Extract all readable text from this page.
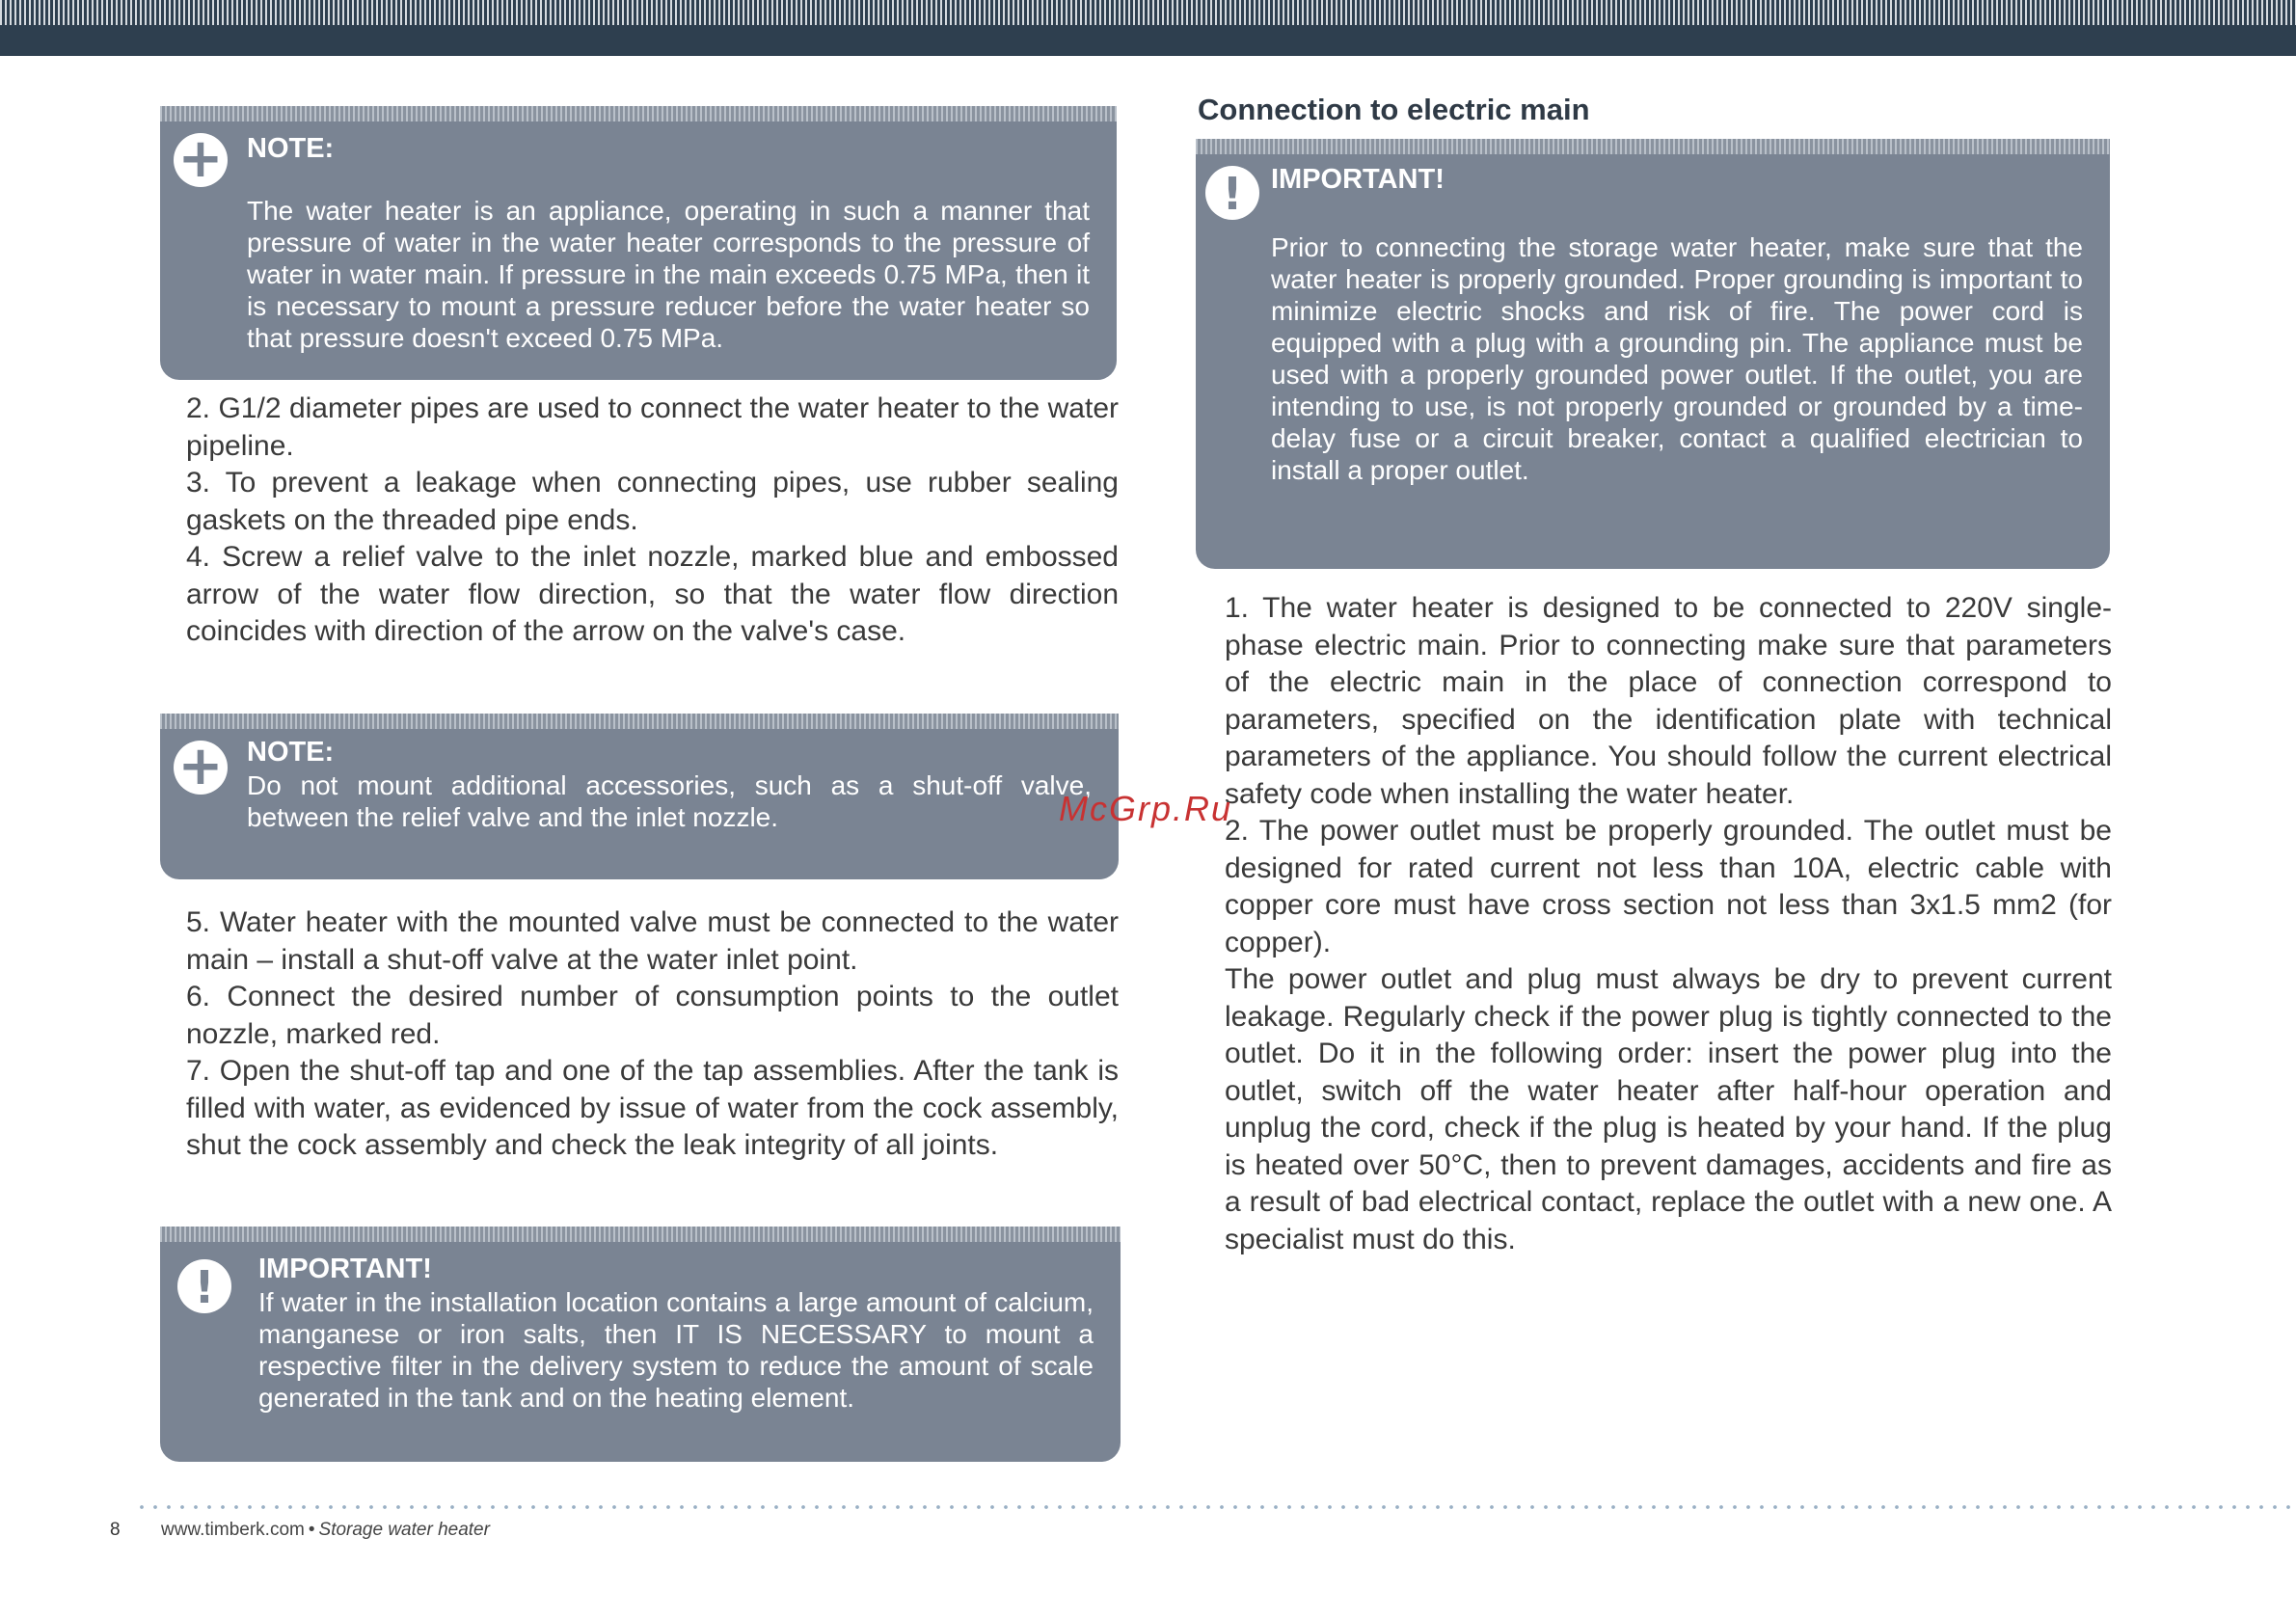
+ NOTE:

The water heater is an appliance, operating in such a manner that pressure of water in the water heater corresponds to the pressure of water in water main. If pressure in the main exceeds 0.75 MPa, then it is necessary to mount a pressure reducer before the water heater so that pressure doesn't exceed 0.75 MPa.

2. G1/2 diameter pipes are used to connect the water heater to the water pipeline.

3. To prevent a leakage when connecting pipes, use rubber sealing gaskets on the threaded pipe ends.

4. Screw a relief valve to the inlet nozzle, marked blue and embossed arrow of the water flow direction, so that the water flow direction coincides with direction of the arrow on the valve's case.

+ NOTE:

Do not mount additional accessories, such as a shut-off valve, between the relief valve and the inlet nozzle.

5. Water heater with the mounted valve must be connected to the water main – install a shut-off valve at the water inlet point.

6. Connect the desired number of consumption points to the outlet nozzle, marked red.

7. Open the shut-off tap and one of the tap assemblies. After the tank is filled with water, as evidenced by issue of water from the cock assembly, shut the cock assembly and check the leak integrity of all joints.

!	IMPORTANT!

If water in the installation location contains a large amount of calcium, manganese or iron salts, then IT IS NECESSARY to mount a respective filter in the delivery system to reduce the amount of scale generated in the tank and on the heating element.

Connection to electric main
!	IMPORTANT!

Prior to connecting the storage water heater, make sure that the water heater is properly grounded. Proper grounding is important to minimize electric shocks and risk of fire. The power cord is equipped with a plug with a grounding pin. The appliance must be used with a properly grounded power outlet. If the outlet, you are intending to use, is not properly grounded or grounded by a time-delay fuse or a circuit breaker, contact a qualified electrician to install a proper outlet.

1. The water heater is designed to be connected to 220V single-phase electric main. Prior to connecting make sure that parameters of the electric main in the place of connection correspond to parameters, specified on the identification plate with technical parameters of the appliance. You should follow the current electrical safety code when installing the water heater.

2. The power outlet must be properly grounded. The outlet must be designed for rated current not less than 10A, electric cable with copper core must have cross section not less than 3x1.5 mm2 (for copper).

The power outlet and plug must always be dry to prevent current leakage. Regularly check if the power plug is tightly connected to the outlet. Do it in the following order: insert the power plug into the outlet, switch off the water heater after half-hour operation and unplug the cord, check if the plug is heated by your hand. If the plug is heated over 50°C, then to prevent damages, accidents and fire as a result of bad electrical contact, replace the outlet with a new one. A specialist must do this.

McGrp.Ru
8 www.timberk.com • Storage water heater
